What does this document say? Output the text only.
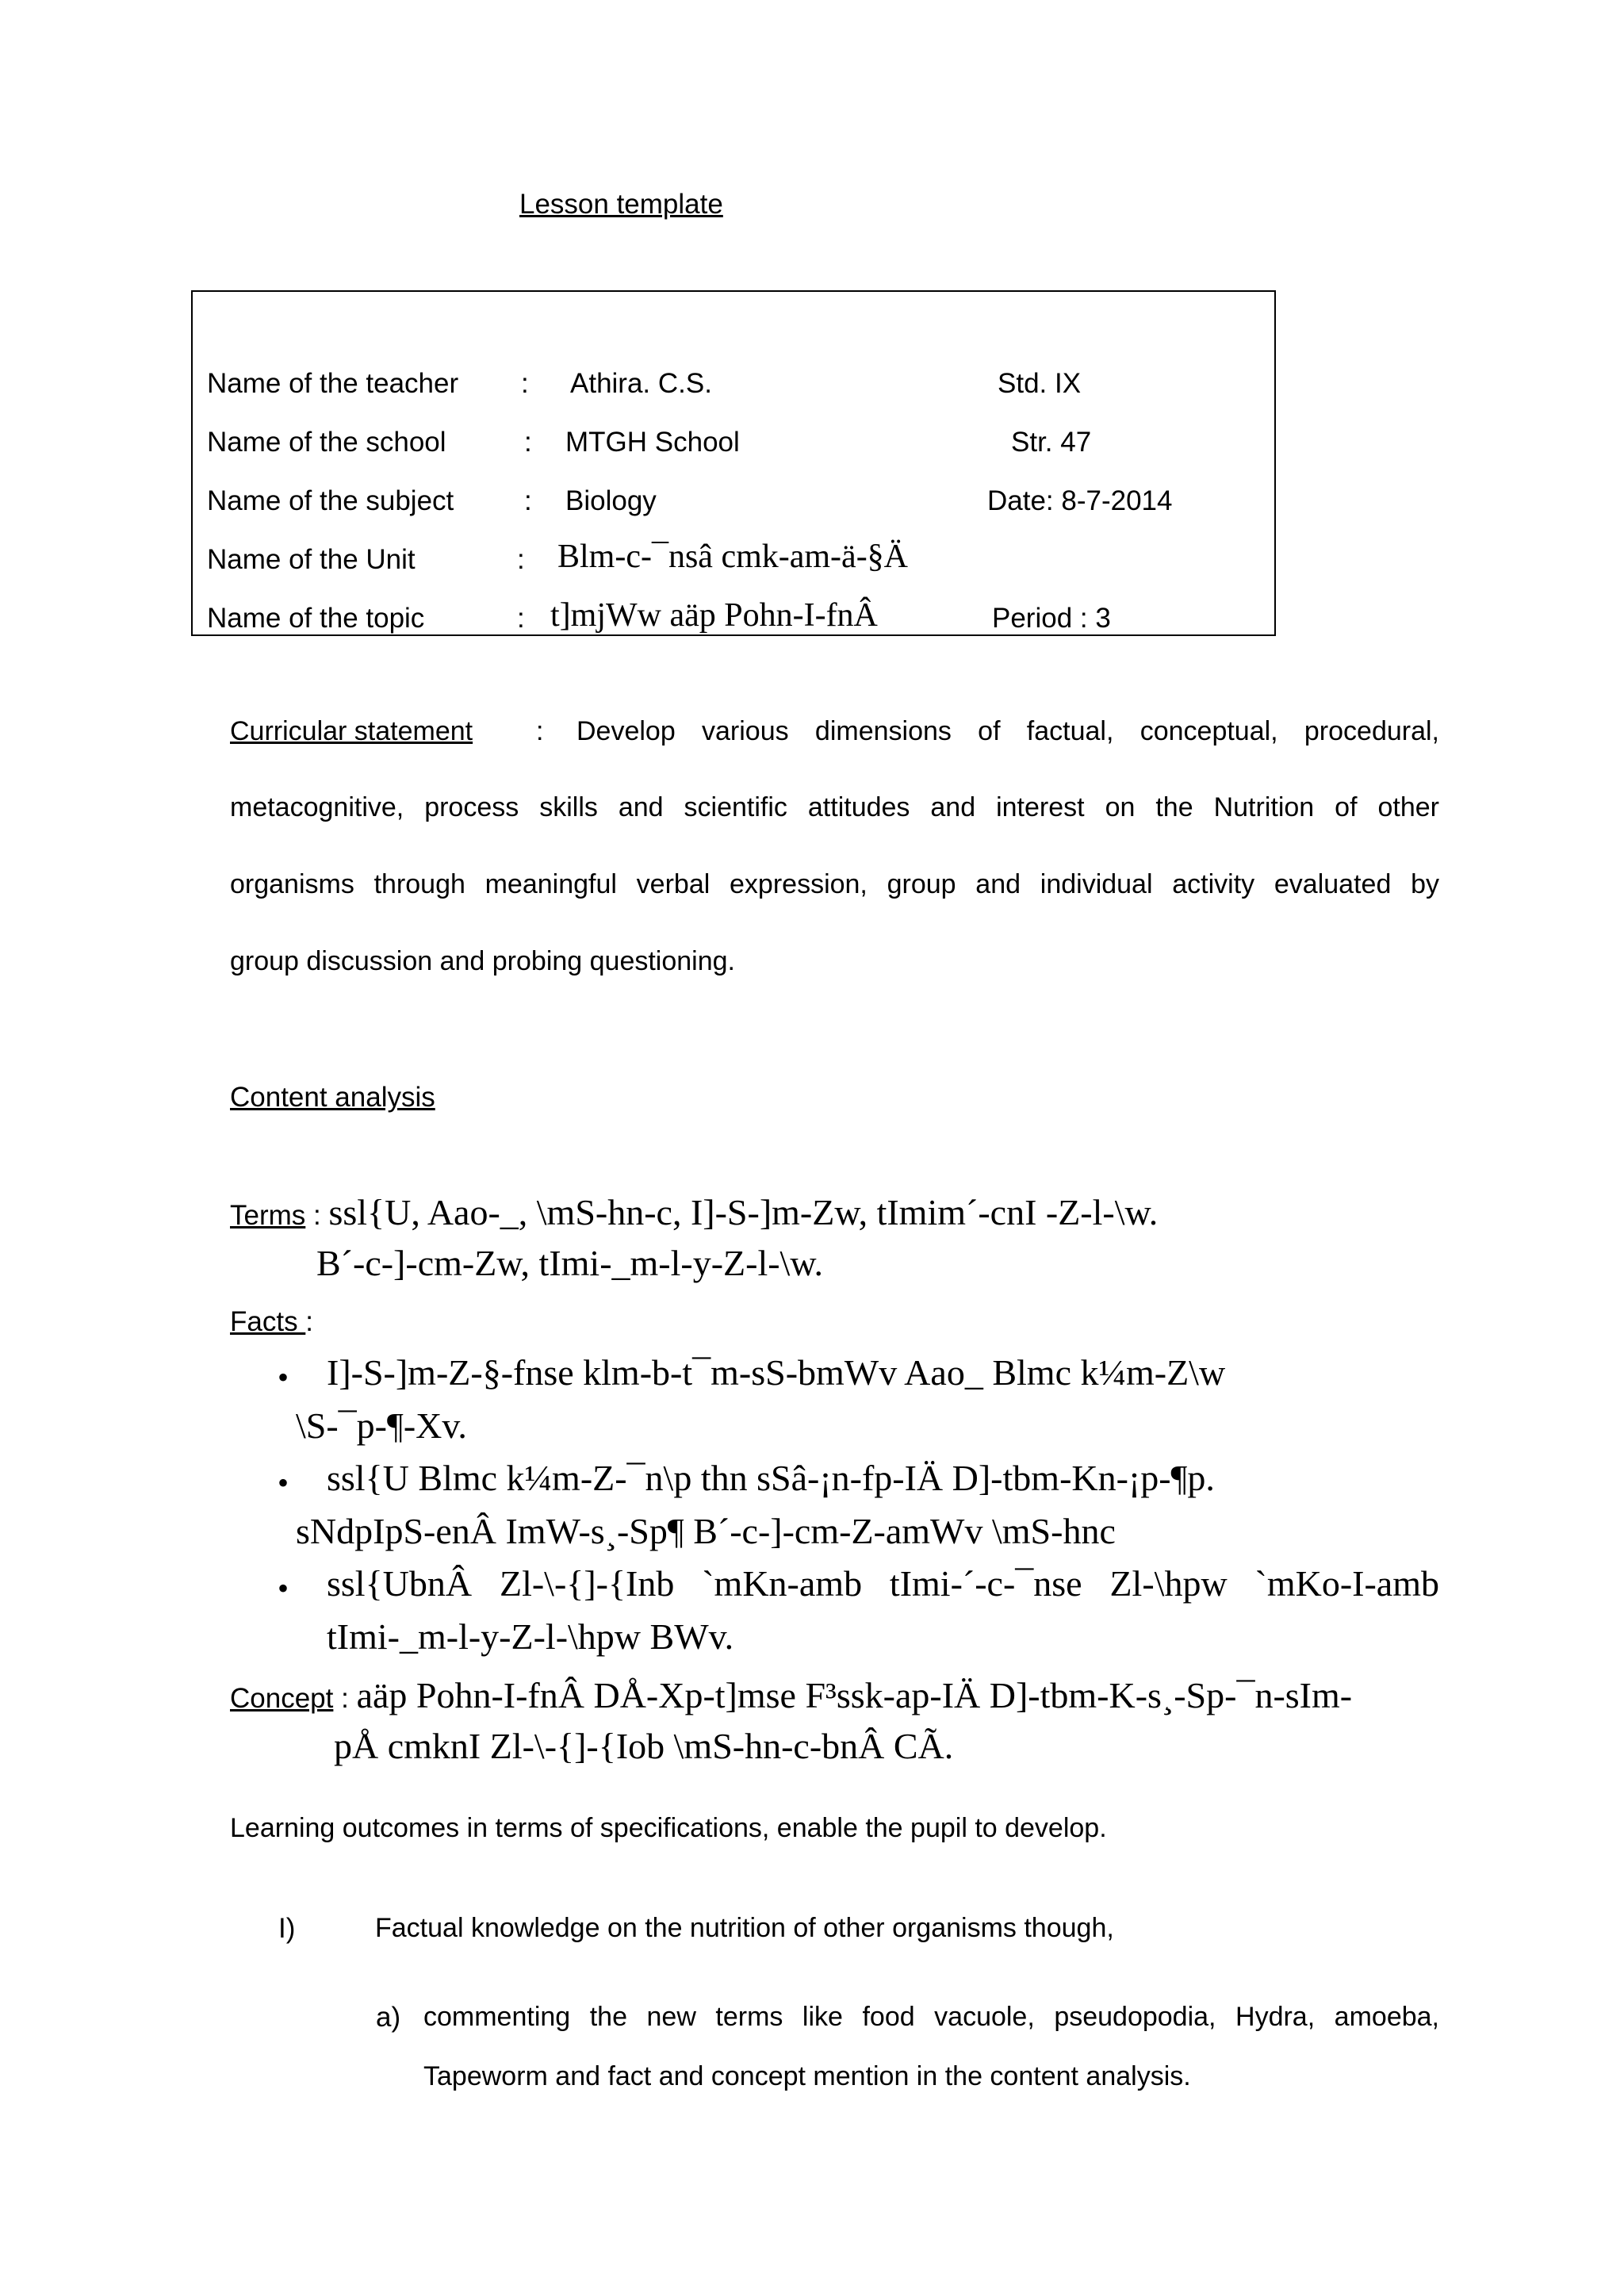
Lesson template
Name of the teacher : Athira. C.S.	Std. IX
Name of the school	: MTGH School	Str. 47
Name of the subject	: Biology	Date: 8-7-2014
Name of the Unit	: Blm-c-¯nsâ cmk-am-ä-§Ä
Name of the topic	: t]mjWw aäp Pohn-I-fnÂ	Period : 3
Curricular statement : Develop various dimensions of factual, conceptual, procedural,
metacognitive, process skills and scientific attitudes and interest on the Nutrition of other
organisms through meaningful verbal expression, group and individual activity evaluated by
group discussion and probing questioning.
Content analysis
Terms : ssl{U, Aao-_, \mS-hn-c, I]-S-]m-Zw, tImim´-cnI -Z-l-\w.
B´-c-]-cm-Zw, tImi-_m-l-y-Z-l-\w.
Facts :
• I]-S-]m-Z-§-fnse klm-b-t¯m-sS-bmWv Aao_ Blmc k¼m-Z\w
\S-¯p-¶-Xv.
• ssl{U Blmc k¼m-Z-¯n\p thn sSâ-¡n-fp-IÄ D]-tbm-Kn-¡p-¶p.
sNdpIpS-enÂ ImW-s¸-Sp¶ B´-c-]-cm-Z-amWv \mS-hnc
• ssl{UbnÂ Zl-\-{]-{Inb `mKn-amb tImi-´-c-¯nse Zl-\hpw `mKo-I-amb
tImi-_m-l-y-Z-l-\hpw BWv.
Concept : aäp Pohn-I-fnÂ DÅ-Xp-t]mse F³ssk-ap-IÄ D]-tbm-K-s¸-Sp-¯n-sIm-
pÅ cmknI Zl-\-{]-{Iob \mS-hn-c-bnÂ CÃ.
Learning outcomes in terms of specifications, enable the pupil to develop.
I)	Factual knowledge on the nutrition of other organisms though,
a) commenting the new terms like food vacuole, pseudopodia, Hydra, amoeba,
Tapeworm and fact and concept mention in the content analysis.
